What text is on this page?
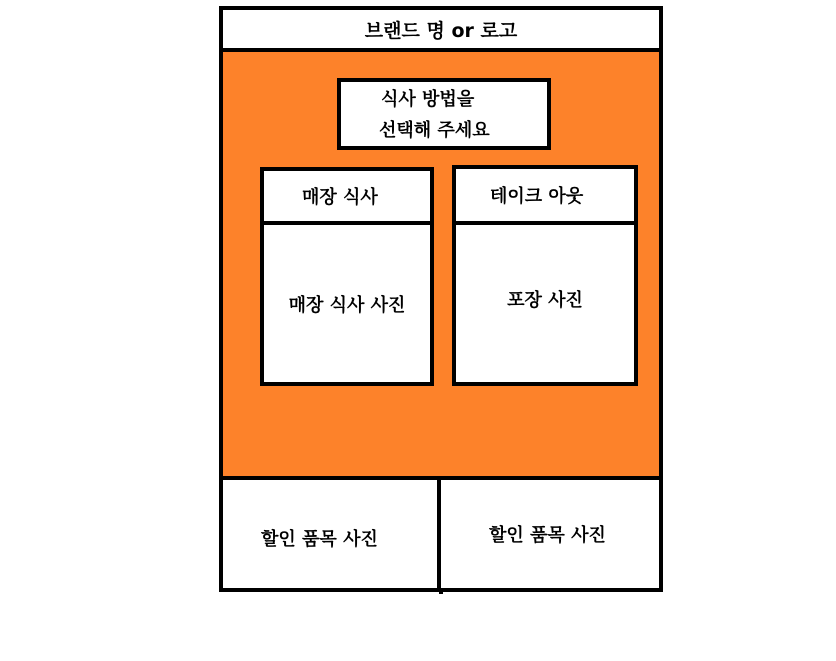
브랜드 명 or 로고
식사 방법을
선택해 주세요
매장 식사
매장 식사 사진
테이크 아웃
포장 사진
할인 품목 사진	할인 품목 사진
